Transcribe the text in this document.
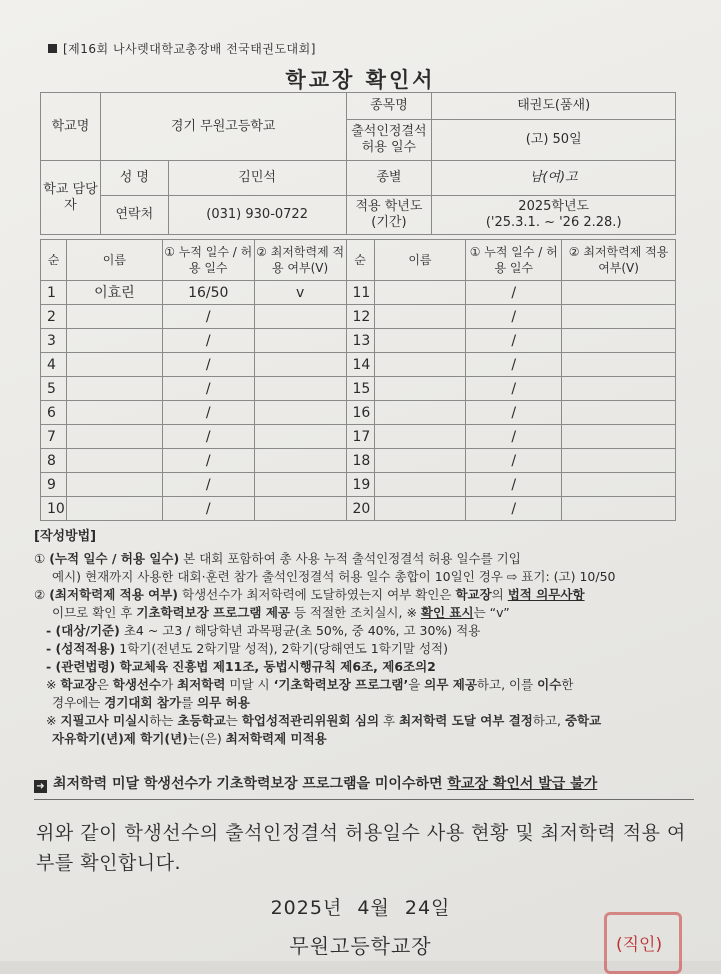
[제16회 나사렛대학교총장배 전국태권도대회]
학교장 확인서
학교명	경기 무원고등학교		종목명	태권도(품새)
			출석인정결석 허용 일수	(고) 50일
학교 담당자	성 명	김민석	종별	남(여)고
	연락처	(031) 930-0722	적용 학년도 (기간)	2025학년도
('25.3.1. ~ '26 2.28.)
순	이름	① 누적 일수 / 허용 일수	② 최저학력제 적용 여부(V)	순	이름	① 누적 일수 / 허용 일수	② 최저학력제 적용 여부(V)
1	이효린	16/50	v	11		/	
2		/		12		/	
3		/		13		/	
4		/		14		/	
5		/		15		/	
6		/		16		/	
7		/		17		/	
8		/		18		/	
9		/		19		/	
10		/		20		/	
[작성방법]

① (누적 일수 / 허용 일수) 본 대회 포함하여 총 사용 누적 출석인정결석 허용 일수를 기입

예시) 현재까지 사용한 대회·훈련 참가 출석인정결석 허용 일수 총합이 10일인 경우 ⇨ 표기: (고) 10/50

② (최저학력제 적용 여부) 학생선수가 최저학력에 도달하였는지 여부 확인은 학교장의 법적 의무사항

이므로 확인 후 기초학력보장 프로그램 제공 등 적절한 조치실시, ※ 확인 표시는 “v”

- (대상/기준) 초4 ~ 고3 / 해당학년 과목평균(초 50%, 중 40%, 고 30%) 적용

- (성적적용) 1학기(전년도 2학기말 성적), 2학기(당해연도 1학기말 성적)

- (관련법령) 학교체육 진흥법 제11조, 동법시행규칙 제6조, 제6조의2

※ 학교장은 학생선수가 최저학력 미달 시 ‘기초학력보장 프로그램’을 의무 제공하고, 이를 이수한

경우에는 경기대회 참가를 의무 허용

※ 지필고사 미실시하는 초등학교는 학업성적관리위원회 심의 후 최저학력 도달 여부 결정하고, 중학교

자유학기(년)제 학기(년)는(은) 최저학력제 미적용

➜ 최저학력 미달 학생선수가 기초학력보장 프로그램을 미이수하면 학교장 확인서 발급 불가
위와 같이 학생선수의 출석인정결석 허용일수 사용 현황 및 최저학력 적용 여부를 확인합니다.
2025년 4월 24일
무원고등학교장	(직인)
